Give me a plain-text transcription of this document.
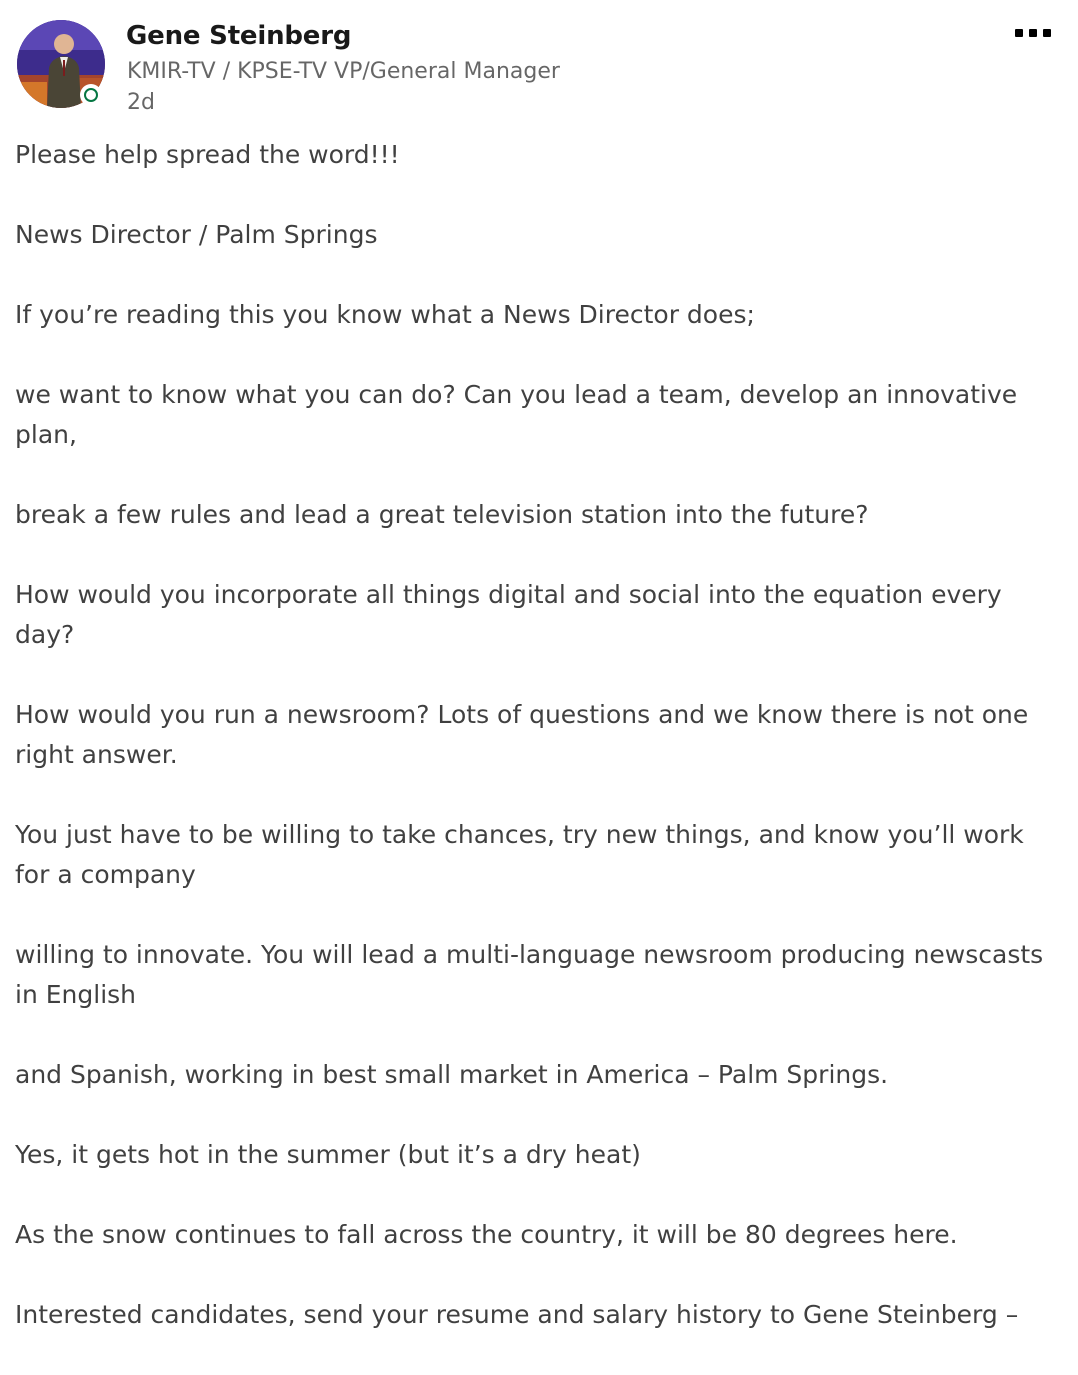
Gene Steinberg
KMIR-TV / KPSE-TV VP/General Manager
2d

Please help spread the word!!!

News Director / Palm Springs

If you’re reading this you know what a News Director does;

we want to know what you can do? Can you lead a team, develop an innovative plan,

break a few rules and lead a great television station into the future?

How would you incorporate all things digital and social into the equation every day?

How would you run a newsroom? Lots of questions and we know there is not one right answer.

You just have to be willing to take chances, try new things, and know you’ll work for a company

willing to innovate. You will lead a multi-language newsroom producing newscasts in English

and Spanish, working in best small market in America – Palm Springs.

Yes, it gets hot in the summer (but it’s a dry heat)

As the snow continues to fall across the country, it will be 80 degrees here.

Interested candidates, send your resume and salary history to Gene Steinberg –
